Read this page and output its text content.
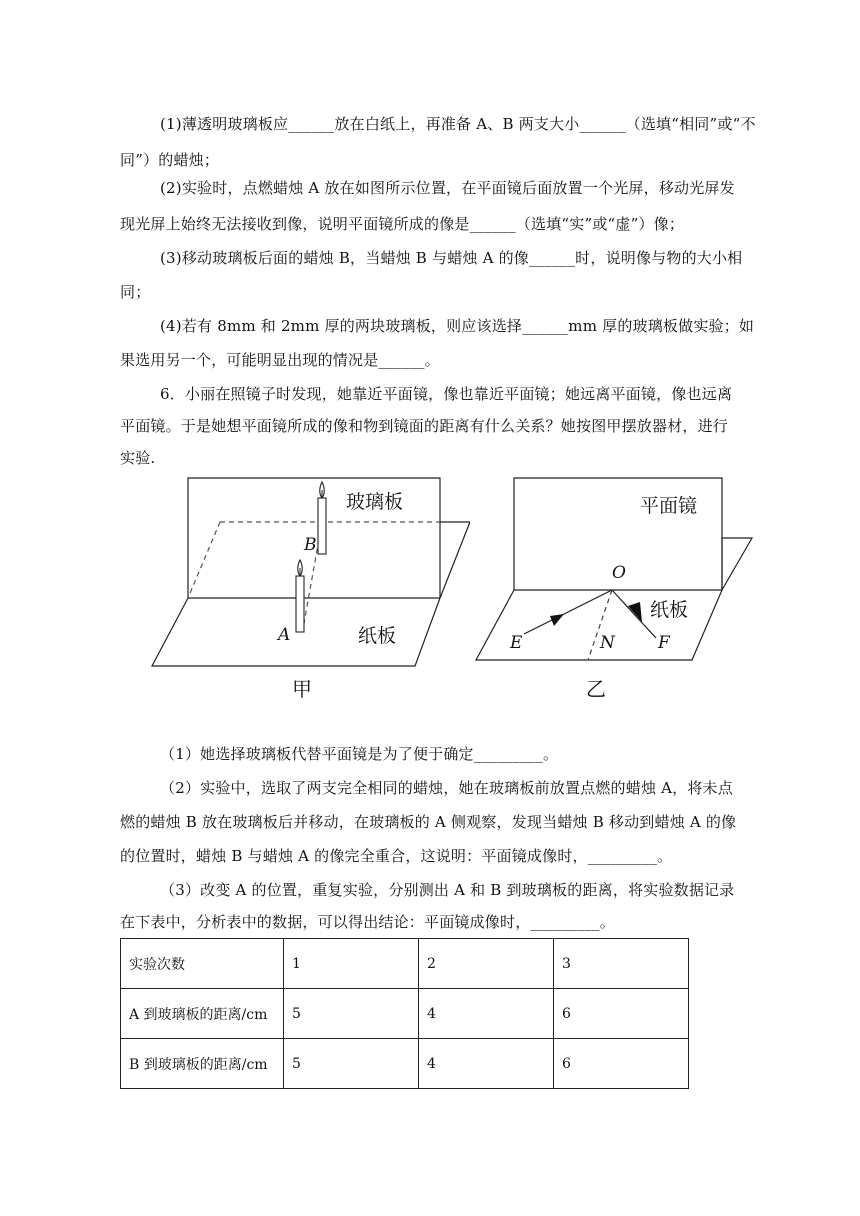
(1)薄透明玻璃板应______放在白纸上，再准备 A、B 两支大小______（选填“相同”或“不
同”）的蜡烛；
(2)实验时，点燃蜡烛 A 放在如图所示位置，在平面镜后面放置一个光屏，移动光屏发
现光屏上始终无法接收到像，说明平面镜所成的像是______（选填“实”或“虚”）像；
(3)移动玻璃板后面的蜡烛 B，当蜡烛 B 与蜡烛 A 的像______时，说明像与物的大小相
同；
(4)若有 8mm 和 2mm 厚的两块玻璃板，则应该选择______mm 厚的玻璃板做实验；如
果选用另一个，可能明显出现的情况是______。
6．小丽在照镜子时发现，她靠近平面镜，像也靠近平面镜；她远离平面镜，像也远离
平面镜。于是她想平面镜所成的像和物到镜面的距离有什么关系？她按图甲摆放器材，进行
实验.
玻璃板
纸板
B
A
甲
平面镜
纸板
O
E	N	F
乙
（1）她选择玻璃板代替平面镜是为了便于确定_________。
（2）实验中，选取了两支完全相同的蜡烛，她在玻璃板前放置点燃的蜡烛 A，将未点
燃的蜡烛 B 放在玻璃板后并移动，在玻璃板的 A 侧观察，发现当蜡烛 B 移动到蜡烛 A 的像
的位置时，蜡烛 B 与蜡烛 A 的像完全重合，这说明：平面镜成像时，_________。
（3）改变 A 的位置，重复实验，分别测出 A 和 B 到玻璃板的距离，将实验数据记录
在下表中，分析表中的数据，可以得出结论：平面镜成像时，_________。
实验次数	1	2	3
A 到玻璃板的距离/cm	5	4	6
B 到玻璃板的距离/cm	5	4	6
